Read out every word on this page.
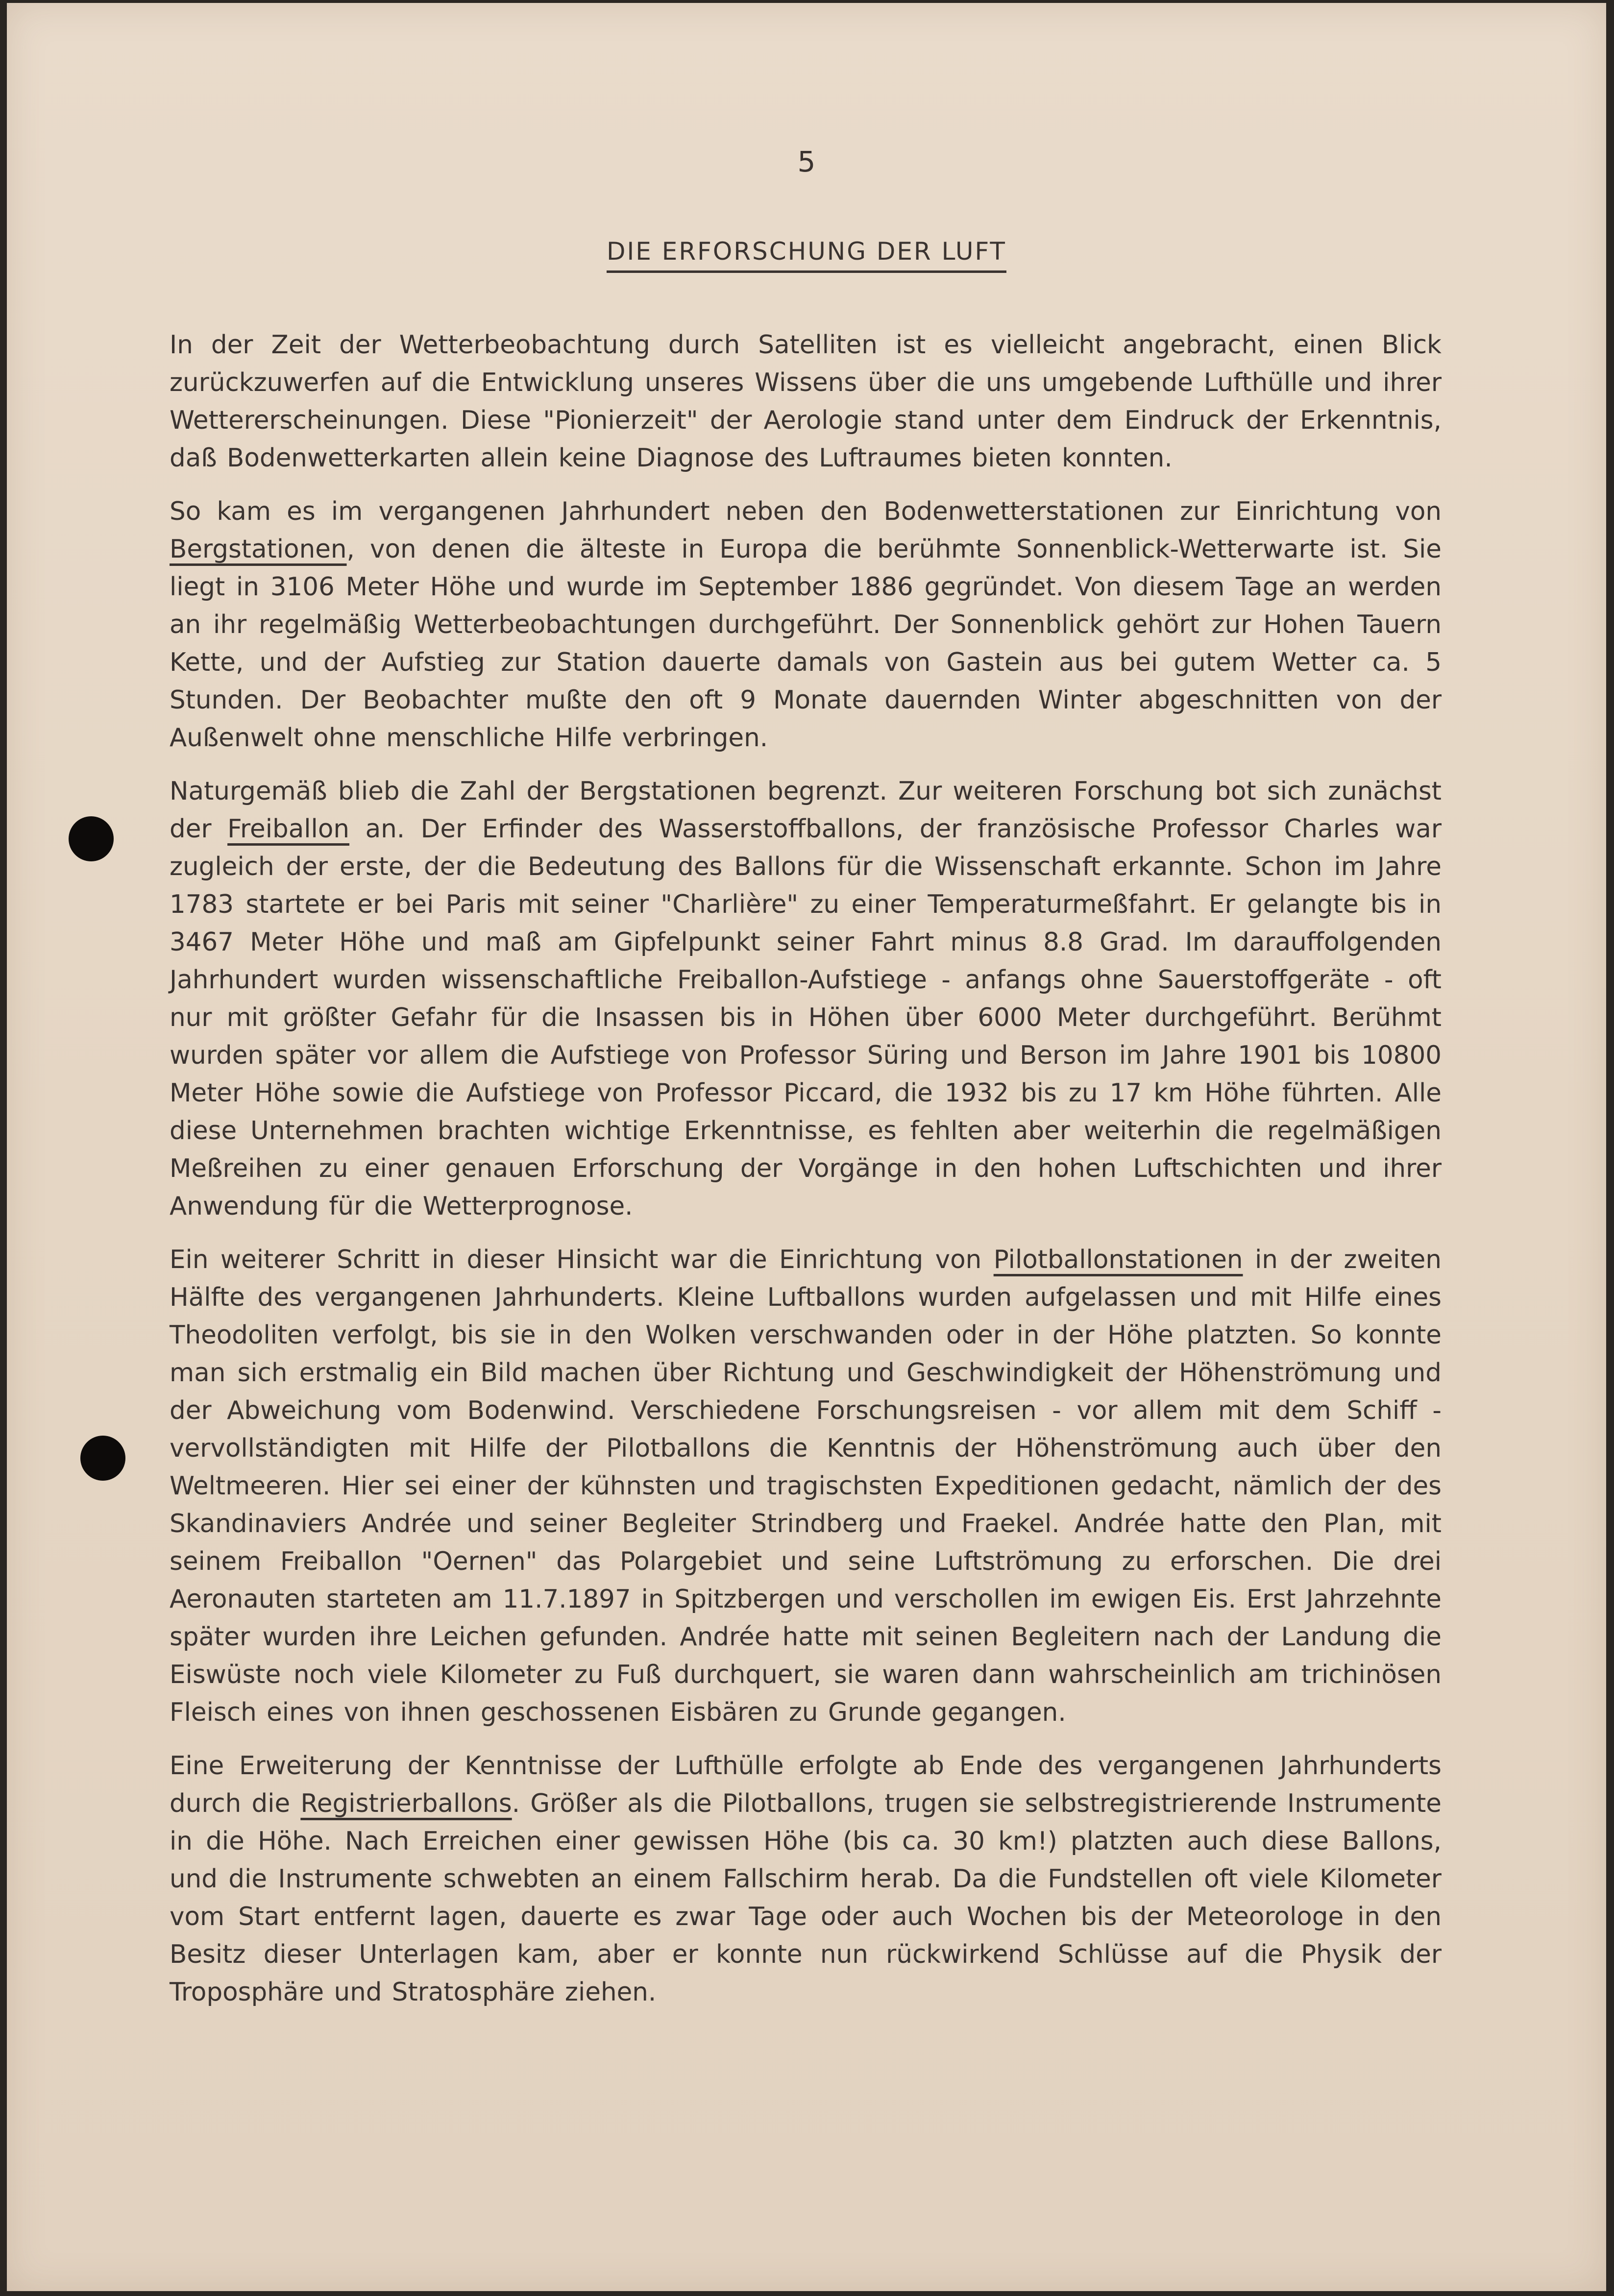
5
DIE ERFORSCHUNG DER LUFT

In der Zeit der Wetterbeobachtung durch Satelliten ist es vielleicht angebracht, einen Blick zurückzuwerfen auf die Entwicklung unseres Wissens über die uns umgebende Lufthülle und ihrer Wettererscheinungen. Diese "Pionierzeit" der Aerologie stand unter dem Eindruck der Erkenntnis, daß Bodenwetterkarten allein keine Diagnose des Luftraumes bieten konnten.

So kam es im vergangenen Jahrhundert neben den Bodenwetterstationen zur Einrichtung von Bergstationen, von denen die älteste in Europa die berühmte Sonnenblick-Wetterwarte ist. Sie liegt in 3106 Meter Höhe und wurde im September 1886 gegründet. Von diesem Tage an werden an ihr regelmäßig Wetterbeobachtungen durchgeführt. Der Sonnenblick gehört zur Hohen Tauern Kette, und der Aufstieg zur Station dauerte damals von Gastein aus bei gutem Wetter ca. 5 Stunden. Der Beobachter mußte den oft 9 Monate dauernden Winter abgeschnitten von der Außenwelt ohne menschliche Hilfe verbringen.

Naturgemäß blieb die Zahl der Bergstationen begrenzt. Zur weiteren Forschung bot sich zunächst der Freiballon an. Der Erfinder des Wasserstoffballons, der französische Professor Charles war zugleich der erste, der die Bedeutung des Ballons für die Wissenschaft erkannte. Schon im Jahre 1783 startete er bei Paris mit seiner "Charlière" zu einer Temperaturmeßfahrt. Er gelangte bis in 3467 Meter Höhe und maß am Gipfelpunkt seiner Fahrt minus 8.8 Grad. Im darauffolgenden Jahrhundert wurden wissenschaftliche Freiballon-Aufstiege - anfangs ohne Sauerstoffgeräte - oft nur mit größter Gefahr für die Insassen bis in Höhen über 6000 Meter durchgeführt. Berühmt wurden später vor allem die Aufstiege von Professor Süring und Berson im Jahre 1901 bis 10800 Meter Höhe sowie die Aufstiege von Professor Piccard, die 1932 bis zu 17 km Höhe führten. Alle diese Unternehmen brachten wichtige Erkenntnisse, es fehlten aber weiterhin die regelmäßigen Meßreihen zu einer genauen Erforschung der Vorgänge in den hohen Luftschichten und ihrer Anwendung für die Wetterprognose.

Ein weiterer Schritt in dieser Hinsicht war die Einrichtung von Pilotballonstationen in der zweiten Hälfte des vergangenen Jahrhunderts. Kleine Luftballons wurden aufgelassen und mit Hilfe eines Theodoliten verfolgt, bis sie in den Wolken verschwanden oder in der Höhe platzten. So konnte man sich erstmalig ein Bild machen über Richtung und Geschwindigkeit der Höhenströmung und der Abweichung vom Bodenwind. Verschiedene Forschungsreisen - vor allem mit dem Schiff - vervollständigten mit Hilfe der Pilotballons die Kenntnis der Höhenströmung auch über den Weltmeeren. Hier sei einer der kühnsten und tragischsten Expeditionen gedacht, nämlich der des Skandinaviers Andrée und seiner Begleiter Strindberg und Fraekel. Andrée hatte den Plan, mit seinem Freiballon "Oernen" das Polargebiet und seine Luftströmung zu erforschen. Die drei Aeronauten starteten am 11.7.1897 in Spitzbergen und verschollen im ewigen Eis. Erst Jahrzehnte später wurden ihre Leichen gefunden. Andrée hatte mit seinen Begleitern nach der Landung die Eiswüste noch viele Kilometer zu Fuß durchquert, sie waren dann wahrscheinlich am trichinösen Fleisch eines von ihnen geschossenen Eisbären zu Grunde gegangen.

Eine Erweiterung der Kenntnisse der Lufthülle erfolgte ab Ende des vergangenen Jahrhunderts durch die Registrierballons. Größer als die Pilotballons, trugen sie selbstregistrierende Instrumente in die Höhe. Nach Erreichen einer gewissen Höhe (bis ca. 30 km!) platzten auch diese Ballons, und die Instrumente schwebten an einem Fallschirm herab. Da die Fundstellen oft viele Kilometer vom Start entfernt lagen, dauerte es zwar Tage oder auch Wochen bis der Meteorologe in den Besitz dieser Unterlagen kam, aber er konnte nun rückwirkend Schlüsse auf die Physik der Troposphäre und Stratosphäre ziehen.
